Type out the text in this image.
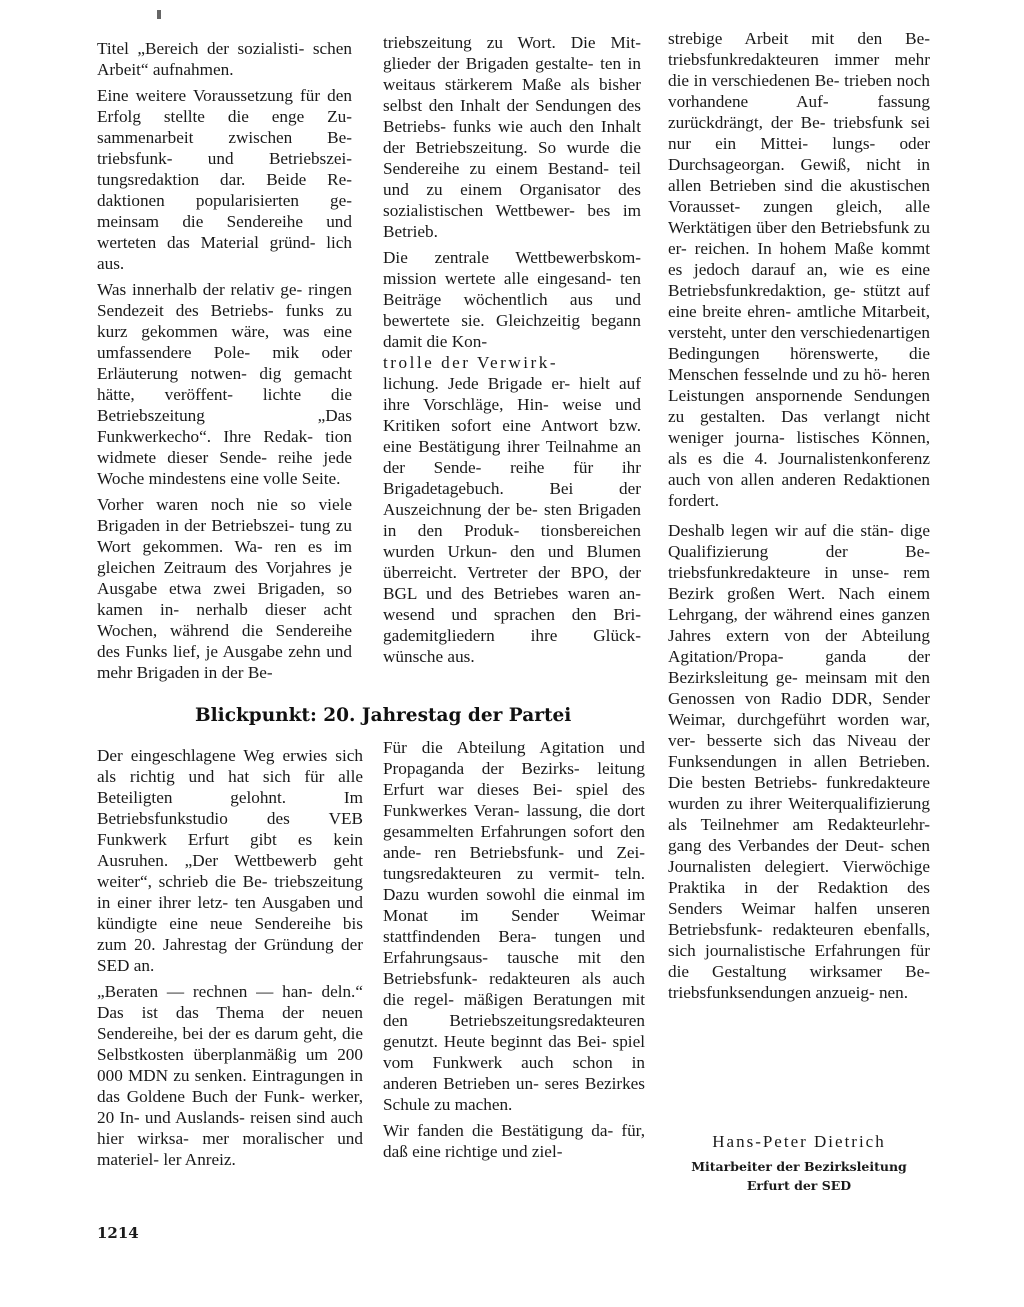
Titel „Bereich der sozialisti- schen Arbeit“ aufnahmen.

Eine weitere Voraussetzung für den Erfolg stellte die enge Zu- sammenarbeit zwischen Be- triebsfunk- und Betriebszei- tungsredaktion dar. Beide Re- daktionen popularisierten ge- meinsam die Sendereihe und werteten das Material gründ- lich aus.

Was innerhalb der relativ ge- ringen Sendezeit des Betriebs- funks zu kurz gekommen wäre, was eine umfassendere Pole- mik oder Erläuterung notwen- dig gemacht hätte, veröffent- lichte die Betriebszeitung „Das Funkwerkecho“. Ihre Redak- tion widmete dieser Sende- reihe jede Woche mindestens eine volle Seite.

Vorher waren noch nie so viele Brigaden in der Betriebszei- tung zu Wort gekommen. Wa- ren es im gleichen Zeitraum des Vorjahres je Ausgabe etwa zwei Brigaden, so kamen in- nerhalb dieser acht Wochen, während die Sendereihe des Funks lief, je Ausgabe zehn und mehr Brigaden in der Be-

triebszeitung zu Wort. Die Mit- glieder der Brigaden gestalte- ten in weitaus stärkerem Maße als bisher selbst den Inhalt der Sendungen des Betriebs- funks wie auch den Inhalt der Betriebszeitung. So wurde die Sendereihe zu einem Bestand- teil und zu einem Organisator des sozialistischen Wettbewer- bes im Betrieb.

Die zentrale Wettbewerbskom- mission wertete alle eingesand- ten Beiträge wöchentlich aus und bewertete sie. Gleichzeitig begann damit die Kon-

trolle der Verwirk-

lichung. Jede Brigade er- hielt auf ihre Vorschläge, Hin- weise und Kritiken sofort eine Antwort bzw. eine Bestätigung ihrer Teilnahme an der Sende- reihe für ihr Brigadetagebuch. Bei der Auszeichnung der be- sten Brigaden in den Produk- tionsbereichen wurden Urkun- den und Blumen überreicht. Vertreter der BPO, der BGL und des Betriebes waren an- wesend und sprachen den Bri- gademitgliedern ihre Glück- wünsche aus.

strebige Arbeit mit den Be- triebsfunkredakteuren immer mehr die in verschiedenen Be- trieben noch vorhandene Auf- fassung zurückdrängt, der Be- triebsfunk sei nur ein Mittei- lungs- oder Durchsageorgan. Gewiß, nicht in allen Betrieben sind die akustischen Vorausset- zungen gleich, alle Werktätigen über den Betriebsfunk zu er- reichen. In hohem Maße kommt es jedoch darauf an, wie es eine Betriebsfunkredaktion, ge- stützt auf eine breite ehren- amtliche Mitarbeit, versteht, unter den verschiedenartigen Bedingungen hörenswerte, die Menschen fesselnde und zu hö- heren Leistungen anspornende Sendungen zu gestalten. Das verlangt nicht weniger journa- listisches Können, als es die 4. Journalistenkonferenz auch von allen anderen Redaktionen fordert.

Deshalb legen wir auf die stän- dige Qualifizierung der Be- triebsfunkredakteure in unse- rem Bezirk großen Wert. Nach einem Lehrgang, der während eines ganzen Jahres extern von der Abteilung Agitation/Propa- ganda der Bezirksleitung ge- meinsam mit den Genossen von Radio DDR, Sender Weimar, durchgeführt worden war, ver- besserte sich das Niveau der Funksendungen in allen Betrieben. Die besten Betriebs- funkredakteure wurden zu ihrer Weiterqualifizierung als Teilnehmer am Redakteurlehr- gang des Verbandes der Deut- schen Journalisten delegiert. Vierwöchige Praktika in der Redaktion des Senders Weimar halfen unseren Betriebsfunk- redakteuren ebenfalls, sich journalistische Erfahrungen für die Gestaltung wirksamer Be- triebsfunksendungen anzueig- nen.

Blickpunkt: 20. Jahrestag der Partei

Der eingeschlagene Weg erwies sich als richtig und hat sich für alle Beteiligten gelohnt. Im Betriebsfunkstudio des VEB Funkwerk Erfurt gibt es kein Ausruhen. „Der Wettbewerb geht weiter“, schrieb die Be- triebszeitung in einer ihrer letz- ten Ausgaben und kündigte eine neue Sendereihe bis zum 20. Jahrestag der Gründung der SED an.

„Beraten — rechnen — han- deln.“ Das ist das Thema der neuen Sendereihe, bei der es darum geht, die Selbstkosten überplanmäßig um 200 000 MDN zu senken. Eintragungen in das Goldene Buch der Funk- werker, 20 In- und Auslands- reisen sind auch hier wirksa- mer moralischer und materiel- ler Anreiz.

Für die Abteilung Agitation und Propaganda der Bezirks- leitung Erfurt war dieses Bei- spiel des Funkwerkes Veran- lassung, die dort gesammelten Erfahrungen sofort den ande- ren Betriebsfunk- und Zei- tungsredakteuren zu vermit- teln. Dazu wurden sowohl die einmal im Monat im Sender Weimar stattfindenden Bera- tungen und Erfahrungsaus- tausche mit den Betriebsfunk- redakteuren als auch die regel- mäßigen Beratungen mit den Betriebszeitungsredakteuren genutzt. Heute beginnt das Bei- spiel vom Funkwerk auch schon in anderen Betrieben un- seres Bezirkes Schule zu machen.

Wir fanden die Bestätigung da- für, daß eine richtige und ziel-

Hans-Peter Dietrich
Mitarbeiter der Bezirksleitung
Erfurt der SED
1214
